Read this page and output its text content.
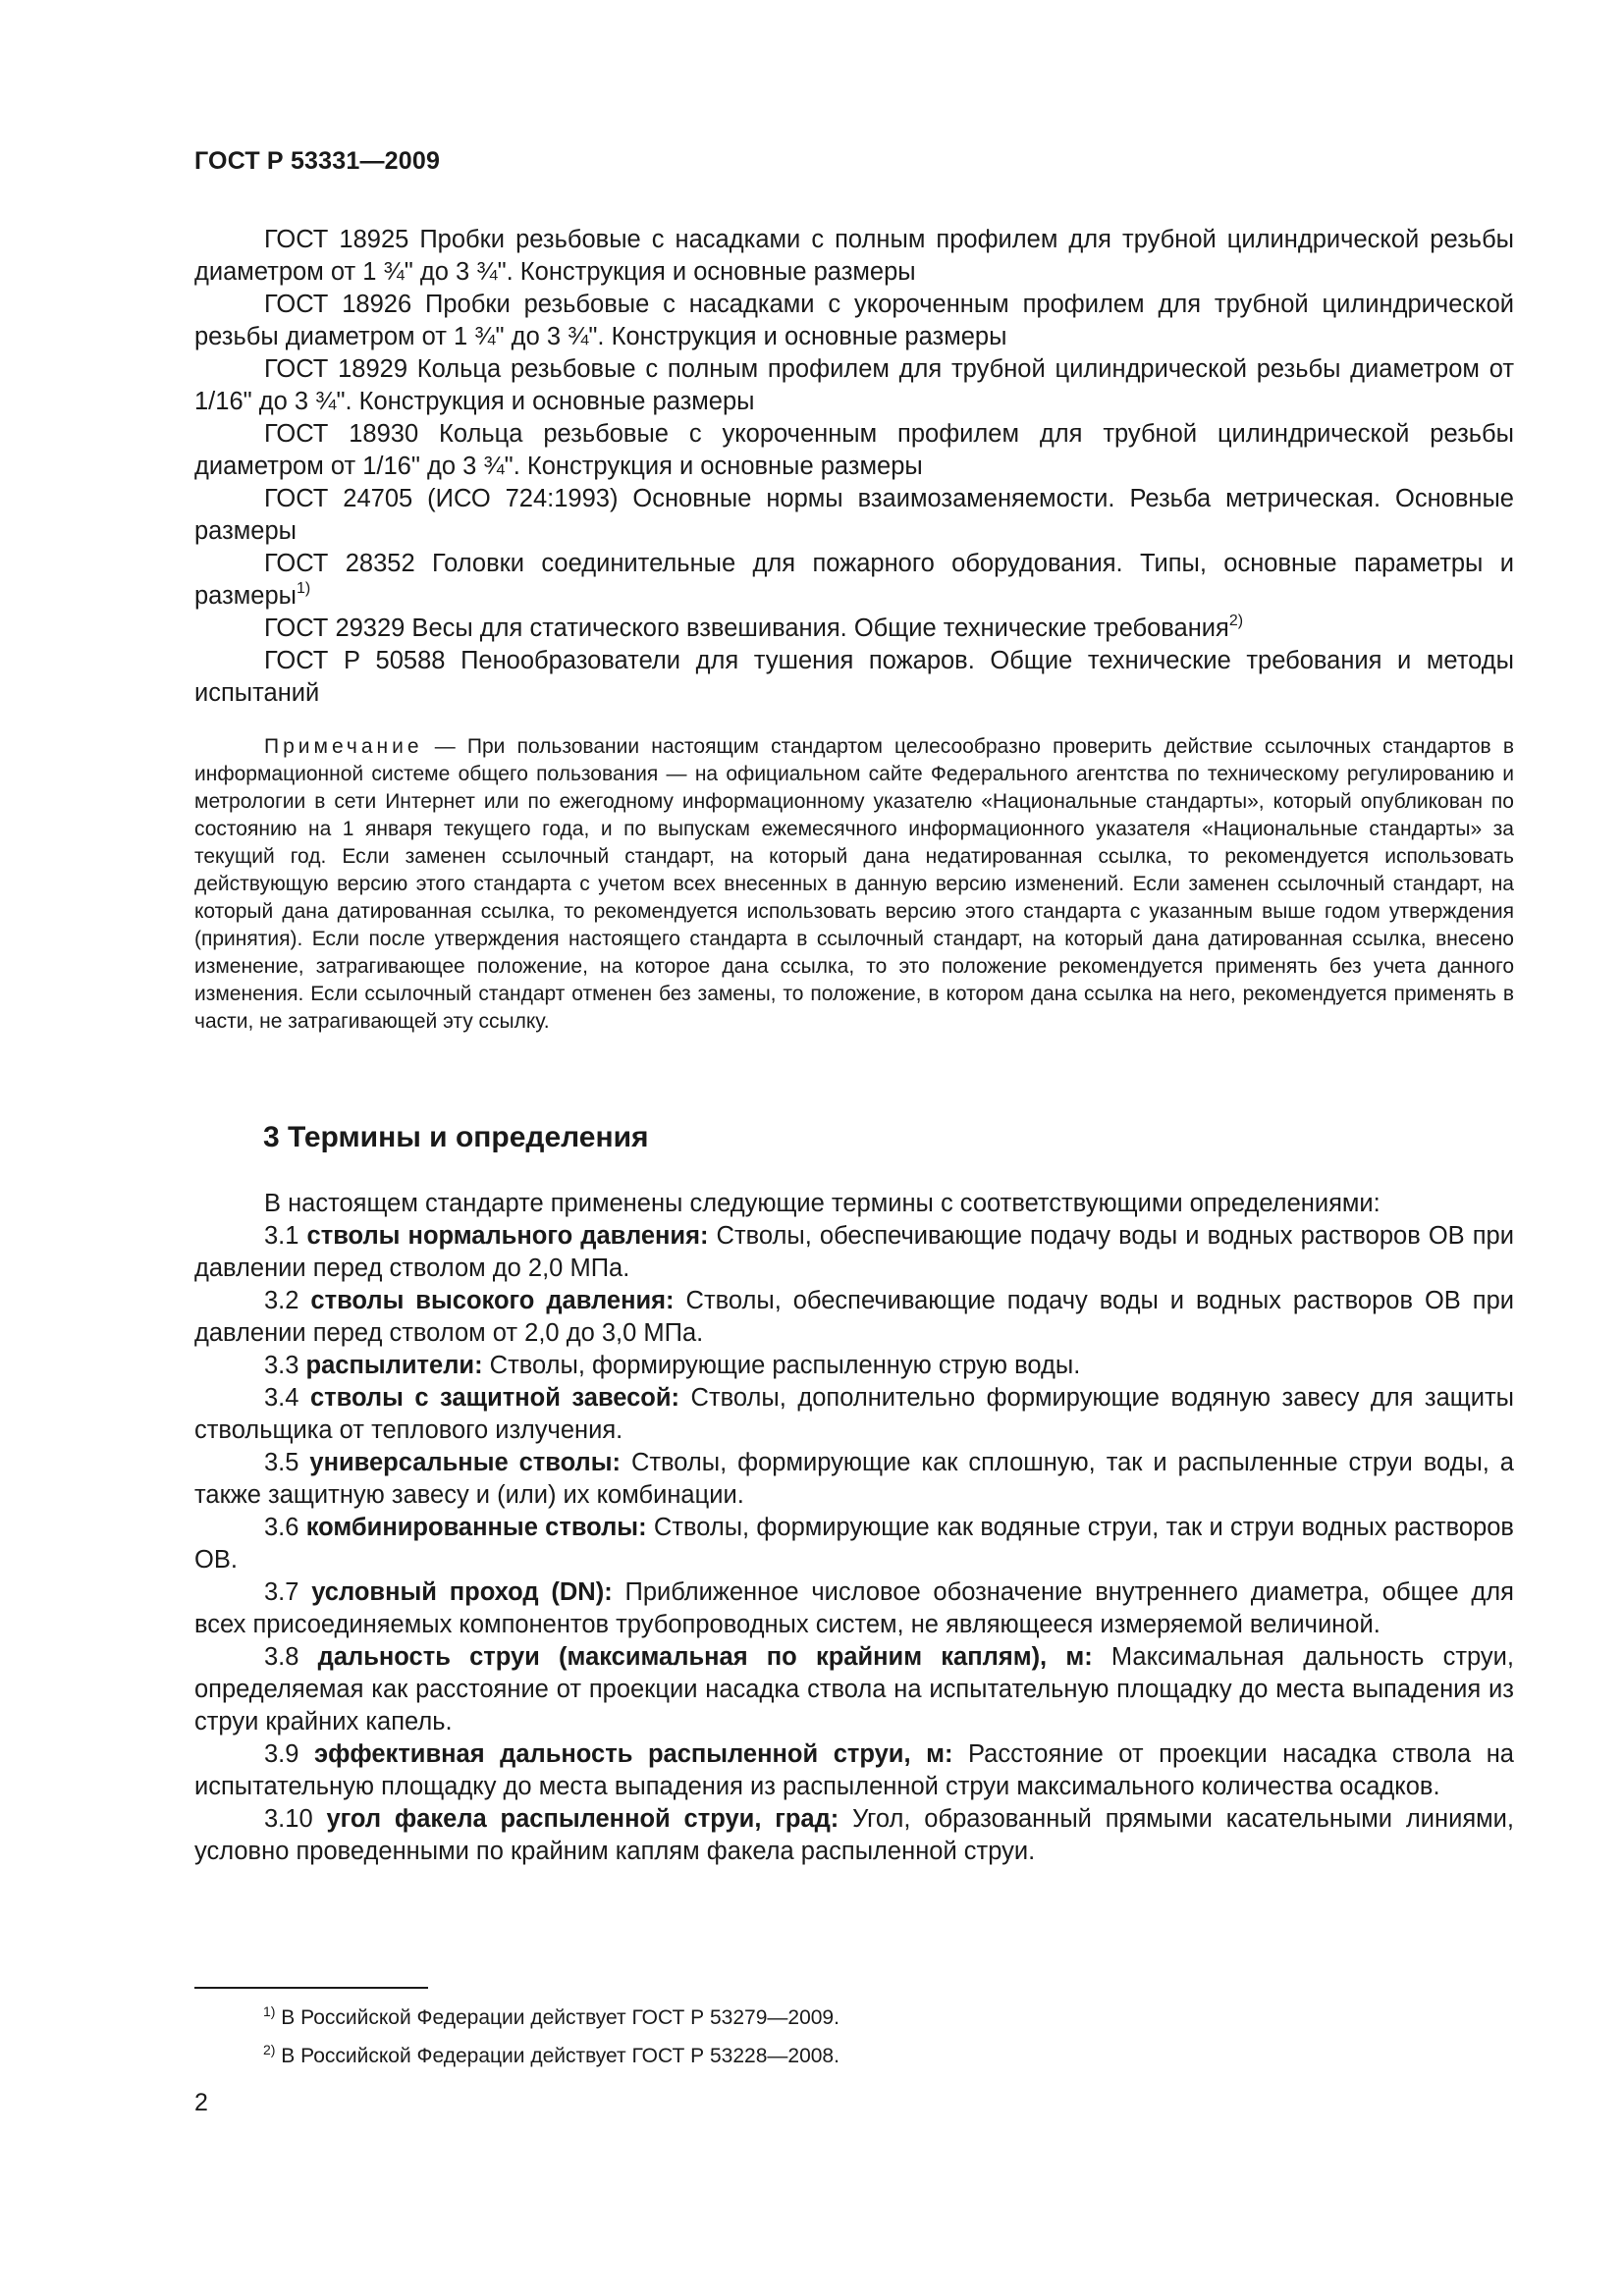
ГОСТ Р 53331—2009

ГОСТ 18925 Пробки резьбовые с насадками с полным профилем для трубной цилиндрической резьбы диаметром от 1 ¾" до 3 ¾". Конструкция и основные размеры

ГОСТ 18926 Пробки резьбовые с насадками с укороченным профилем для трубной цилиндрической резьбы диаметром от 1 ¾" до 3 ¾". Конструкция и основные размеры

ГОСТ 18929 Кольца резьбовые с полным профилем для трубной цилиндрической резьбы диаметром от 1/16" до 3 ¾". Конструкция и основные размеры

ГОСТ 18930 Кольца резьбовые с укороченным профилем для трубной цилиндрической резьбы диаметром от 1/16" до 3 ¾". Конструкция и основные размеры

ГОСТ 24705 (ИСО 724:1993) Основные нормы взаимозаменяемости. Резьба метрическая. Основные размеры

ГОСТ 28352 Головки соединительные для пожарного оборудования. Типы, основные параметры и размеры$^{1)}$

ГОСТ 29329 Весы для статического взвешивания. Общие технические требования$^{2)}$

ГОСТ Р 50588 Пенообразователи для тушения пожаров. Общие технические требования и методы испытаний

Примечание — При пользовании настоящим стандартом целесообразно проверить действие ссылочных стандартов в информационной системе общего пользования — на официальном сайте Федерального агентства по техническому регулированию и метрологии в сети Интернет или по ежегодному информационному указателю «Национальные стандарты», который опубликован по состоянию на 1 января текущего года, и по выпускам ежемесячного информационного указателя «Национальные стандарты» за текущий год. Если заменен ссылочный стандарт, на который дана недатированная ссылка, то рекомендуется использовать действующую версию этого стандарта с учетом всех внесенных в данную версию изменений. Если заменен ссылочный стандарт, на который дана датированная ссылка, то рекомендуется использовать версию этого стандарта с указанным выше годом утверждения (принятия). Если после утверждения настоящего стандарта в ссылочный стандарт, на который дана датированная ссылка, внесено изменение, затрагивающее положение, на которое дана ссылка, то это положение рекомендуется применять без учета данного изменения. Если ссылочный стандарт отменен без замены, то положение, в котором дана ссылка на него, рекомендуется применять в части, не затрагивающей эту ссылку.

3 Термины и определения

В настоящем стандарте применены следующие термины с соответствующими определениями:

3.1 стволы нормального давления: Стволы, обеспечивающие подачу воды и водных растворов ОВ при давлении перед стволом до 2,0 МПа.

3.2 стволы высокого давления: Стволы, обеспечивающие подачу воды и водных растворов ОВ при давлении перед стволом от 2,0 до 3,0 МПа.

3.3 распылители: Стволы, формирующие распыленную струю воды.

3.4 стволы с защитной завесой: Стволы, дополнительно формирующие водяную завесу для защиты ствольщика от теплового излучения.

3.5 универсальные стволы: Стволы, формирующие как сплошную, так и распыленные струи воды, а также защитную завесу и (или) их комбинации.

3.6 комбинированные стволы: Стволы, формирующие как водяные струи, так и струи водных растворов ОВ.

3.7 условный проход (DN): Приближенное числовое обозначение внутреннего диаметра, общее для всех присоединяемых компонентов трубопроводных систем, не являющееся измеряемой величиной.

3.8 дальность струи (максимальная по крайним каплям), м: Максимальная дальность струи, определяемая как расстояние от проекции насадка ствола на испытательную площадку до места выпадения из струи крайних капель.

3.9 эффективная дальность распыленной струи, м: Расстояние от проекции насадка ствола на испытательную площадку до места выпадения из распыленной струи максимального количества осадков.

3.10 угол факела распыленной струи, град: Угол, образованный прямыми касательными линиями, условно проведенными по крайним каплям факела распыленной струи.

$^{1)}$ В Российской Федерации действует ГОСТ Р 53279—2009.
$^{2)}$ В Российской Федерации действует ГОСТ Р 53228—2008.
2
